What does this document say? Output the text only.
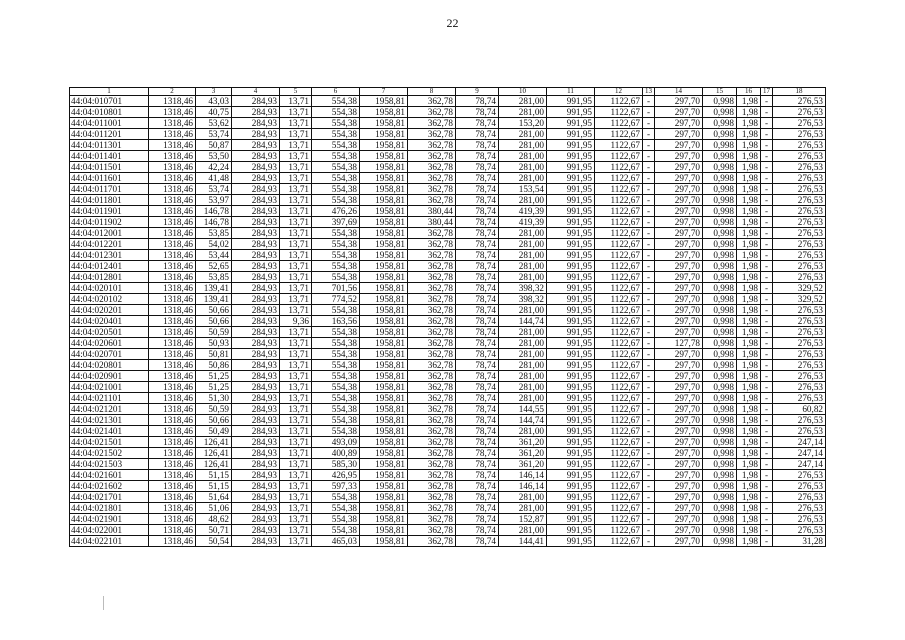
22
1	2	3	4	5	6	7	8	9	10	11	12	13	14	15	16	17	18
44:04:010701	1318,46	43,03	284,93	13,71	554,38	1958,81	362,78	78,74	281,00	991,95	1122,67	-	297,70	0,998	1,98	-	276,53
44:04:010801	1318,46	40,75	284,93	13,71	554,38	1958,81	362,78	78,74	281,00	991,95	1122,67	-	297,70	0,998	1,98	-	276,53
44:04:011001	1318,46	53,62	284,93	13,71	554,38	1958,81	362,78	78,74	153,20	991,95	1122,67	-	297,70	0,998	1,98	-	276,53
44:04:011201	1318,46	53,74	284,93	13,71	554,38	1958,81	362,78	78,74	281,00	991,95	1122,67	-	297,70	0,998	1,98	-	276,53
44:04:011301	1318,46	50,87	284,93	13,71	554,38	1958,81	362,78	78,74	281,00	991,95	1122,67	-	297,70	0,998	1,98	-	276,53
44:04:011401	1318,46	53,50	284,93	13,71	554,38	1958,81	362,78	78,74	281,00	991,95	1122,67	-	297,70	0,998	1,98	-	276,53
44:04:011501	1318,46	42,24	284,93	13,71	554,38	1958,81	362,78	78,74	281,00	991,95	1122,67	-	297,70	0,998	1,98	-	276,53
44:04:011601	1318,46	41,48	284,93	13,71	554,38	1958,81	362,78	78,74	281,00	991,95	1122,67	-	297,70	0,998	1,98	-	276,53
44:04:011701	1318,46	53,74	284,93	13,71	554,38	1958,81	362,78	78,74	153,54	991,95	1122,67	-	297,70	0,998	1,98	-	276,53
44:04:011801	1318,46	53,97	284,93	13,71	554,38	1958,81	362,78	78,74	281,00	991,95	1122,67	-	297,70	0,998	1,98	-	276,53
44:04:011901	1318,46	146,78	284,93	13,71	476,26	1958,81	380,44	78,74	419,39	991,95	1122,67	-	297,70	0,998	1,98	-	276,53
44:04:011902	1318,46	146,78	284,93	13,71	397,69	1958,81	380,44	78,74	419,39	991,95	1122,67	-	297,70	0,998	1,98	-	276,53
44:04:012001	1318,46	53,85	284,93	13,71	554,38	1958,81	362,78	78,74	281,00	991,95	1122,67	-	297,70	0,998	1,98	-	276,53
44:04:012201	1318,46	54,02	284,93	13,71	554,38	1958,81	362,78	78,74	281,00	991,95	1122,67	-	297,70	0,998	1,98	-	276,53
44:04:012301	1318,46	53,44	284,93	13,71	554,38	1958,81	362,78	78,74	281,00	991,95	1122,67	-	297,70	0,998	1,98	-	276,53
44:04:012401	1318,46	52,65	284,93	13,71	554,38	1958,81	362,78	78,74	281,00	991,95	1122,67	-	297,70	0,998	1,98	-	276,53
44:04:012801	1318,46	53,85	284,93	13,71	554,38	1958,81	362,78	78,74	281,00	991,95	1122,67	-	297,70	0,998	1,98	-	276,53
44:04:020101	1318,46	139,41	284,93	13,71	701,56	1958,81	362,78	78,74	398,32	991,95	1122,67	-	297,70	0,998	1,98	-	329,52
44:04:020102	1318,46	139,41	284,93	13,71	774,52	1958,81	362,78	78,74	398,32	991,95	1122,67	-	297,70	0,998	1,98	-	329,52
44:04:020201	1318,46	50,66	284,93	13,71	554,38	1958,81	362,78	78,74	281,00	991,95	1122,67	-	297,70	0,998	1,98	-	276,53
44:04:020401	1318,46	50,66	284,93	9,36	163,56	1958,81	362,78	78,74	144,74	991,95	1122,67	-	297,70	0,998	1,98	-	276,53
44:04:020501	1318,46	50,59	284,93	13,71	554,38	1958,81	362,78	78,74	281,00	991,95	1122,67	-	297,70	0,998	1,98	-	276,53
44:04:020601	1318,46	50,93	284,93	13,71	554,38	1958,81	362,78	78,74	281,00	991,95	1122,67	-	127,78	0,998	1,98	-	276,53
44:04:020701	1318,46	50,81	284,93	13,71	554,38	1958,81	362,78	78,74	281,00	991,95	1122,67	-	297,70	0,998	1,98	-	276,53
44:04:020801	1318,46	50,86	284,93	13,71	554,38	1958,81	362,78	78,74	281,00	991,95	1122,67	-	297,70	0,998	1,98	-	276,53
44:04:020901	1318,46	51,25	284,93	13,71	554,38	1958,81	362,78	78,74	281,00	991,95	1122,67	-	297,70	0,998	1,98	-	276,53
44:04:021001	1318,46	51,25	284,93	13,71	554,38	1958,81	362,78	78,74	281,00	991,95	1122,67	-	297,70	0,998	1,98	-	276,53
44:04:021101	1318,46	51,30	284,93	13,71	554,38	1958,81	362,78	78,74	281,00	991,95	1122,67	-	297,70	0,998	1,98	-	276,53
44:04:021201	1318,46	50,59	284,93	13,71	554,38	1958,81	362,78	78,74	144,55	991,95	1122,67	-	297,70	0,998	1,98	-	60,82
44:04:021301	1318,46	50,66	284,93	13,71	554,38	1958,81	362,78	78,74	144,74	991,95	1122,67	-	297,70	0,998	1,98	-	276,53
44:04:021401	1318,46	50,49	284,93	13,71	554,38	1958,81	362,78	78,74	281,00	991,95	1122,67	-	297,70	0,998	1,98	-	276,53
44:04:021501	1318,46	126,41	284,93	13,71	493,09	1958,81	362,78	78,74	361,20	991,95	1122,67	-	297,70	0,998	1,98	-	247,14
44:04:021502	1318,46	126,41	284,93	13,71	400,89	1958,81	362,78	78,74	361,20	991,95	1122,67	-	297,70	0,998	1,98	-	247,14
44:04:021503	1318,46	126,41	284,93	13,71	585,30	1958,81	362,78	78,74	361,20	991,95	1122,67	-	297,70	0,998	1,98	-	247,14
44:04:021601	1318,46	51,15	284,93	13,71	426,95	1958,81	362,78	78,74	146,14	991,95	1122,67	-	297,70	0,998	1,98	-	276,53
44:04:021602	1318,46	51,15	284,93	13,71	597,33	1958,81	362,78	78,74	146,14	991,95	1122,67	-	297,70	0,998	1,98	-	276,53
44:04:021701	1318,46	51,64	284,93	13,71	554,38	1958,81	362,78	78,74	281,00	991,95	1122,67	-	297,70	0,998	1,98	-	276,53
44:04:021801	1318,46	51,06	284,93	13,71	554,38	1958,81	362,78	78,74	281,00	991,95	1122,67	-	297,70	0,998	1,98	-	276,53
44:04:021901	1318,46	48,62	284,93	13,71	554,38	1958,81	362,78	78,74	152,87	991,95	1122,67	-	297,70	0,998	1,98	-	276,53
44:04:022001	1318,46	50,71	284,93	13,71	554,38	1958,81	362,78	78,74	281,00	991,95	1122,67	-	297,70	0,998	1,98	-	276,53
44:04:022101	1318,46	50,54	284,93	13,71	465,03	1958,81	362,78	78,74	144,41	991,95	1122,67	-	297,70	0,998	1,98	-	31,28
